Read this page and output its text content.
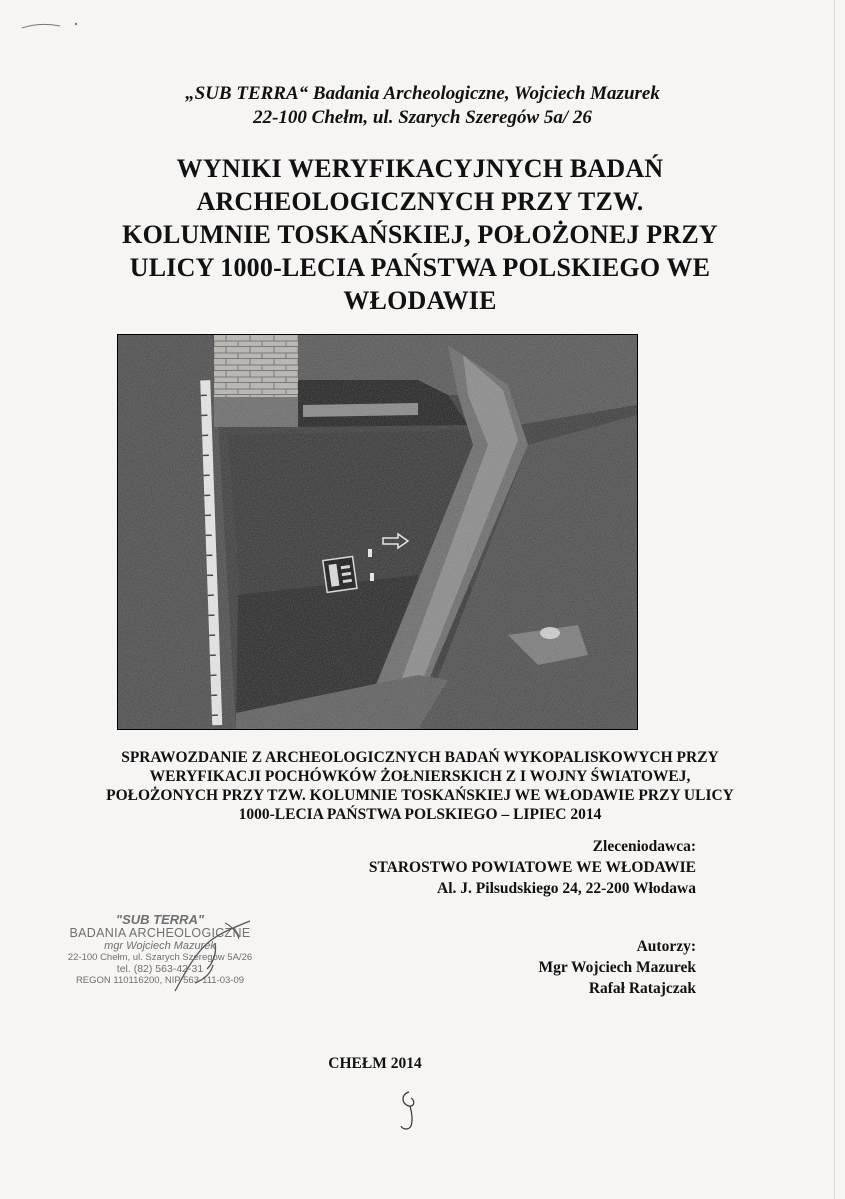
„SUB TERRA“ Badania Archeologiczne, Wojciech Mazurek
22-100 Chełm, ul. Szarych Szeregów 5a/ 26
WYNIKI WERYFIKACYJNYCH BADAŃ
ARCHEOLOGICZNYCH PRZY TZW.
KOLUMNIE TOSKAŃSKIEJ, POŁOŻONEJ PRZY
ULICY 1000-LECIA PAŃSTWA POLSKIEGO WE
WŁODAWIE
SPRAWOZDANIE Z ARCHEOLOGICZNYCH BADAŃ WYKOPALISKOWYCH PRZY
WERYFIKACJI POCHÓWKÓW ŻOŁNIERSKICH Z I WOJNY ŚWIATOWEJ,
POŁOŻONYCH PRZY TZW. KOLUMNIE TOSKAŃSKIEJ WE WŁODAWIE PRZY ULICY
1000-LECIA PAŃSTWA POLSKIEGO – LIPIEC 2014
Zleceniodawca:
STAROSTWO POWIATOWE WE WŁODAWIE
Al. J. Pilsudskiego 24, 22-200 Włodawa
"SUB TERRA"
BADANIA ARCHEOLOGICZNE
mgr Wojciech Mazurek
22-100 Chełm, ul. Szarych Szeregów 5A/26
tel. (82) 563-42-31
REGON 110116200, NIP 563-111-03-09
Autorzy:
Mgr Wojciech Mazurek
Rafał Ratajczak
CHEŁM 2014
